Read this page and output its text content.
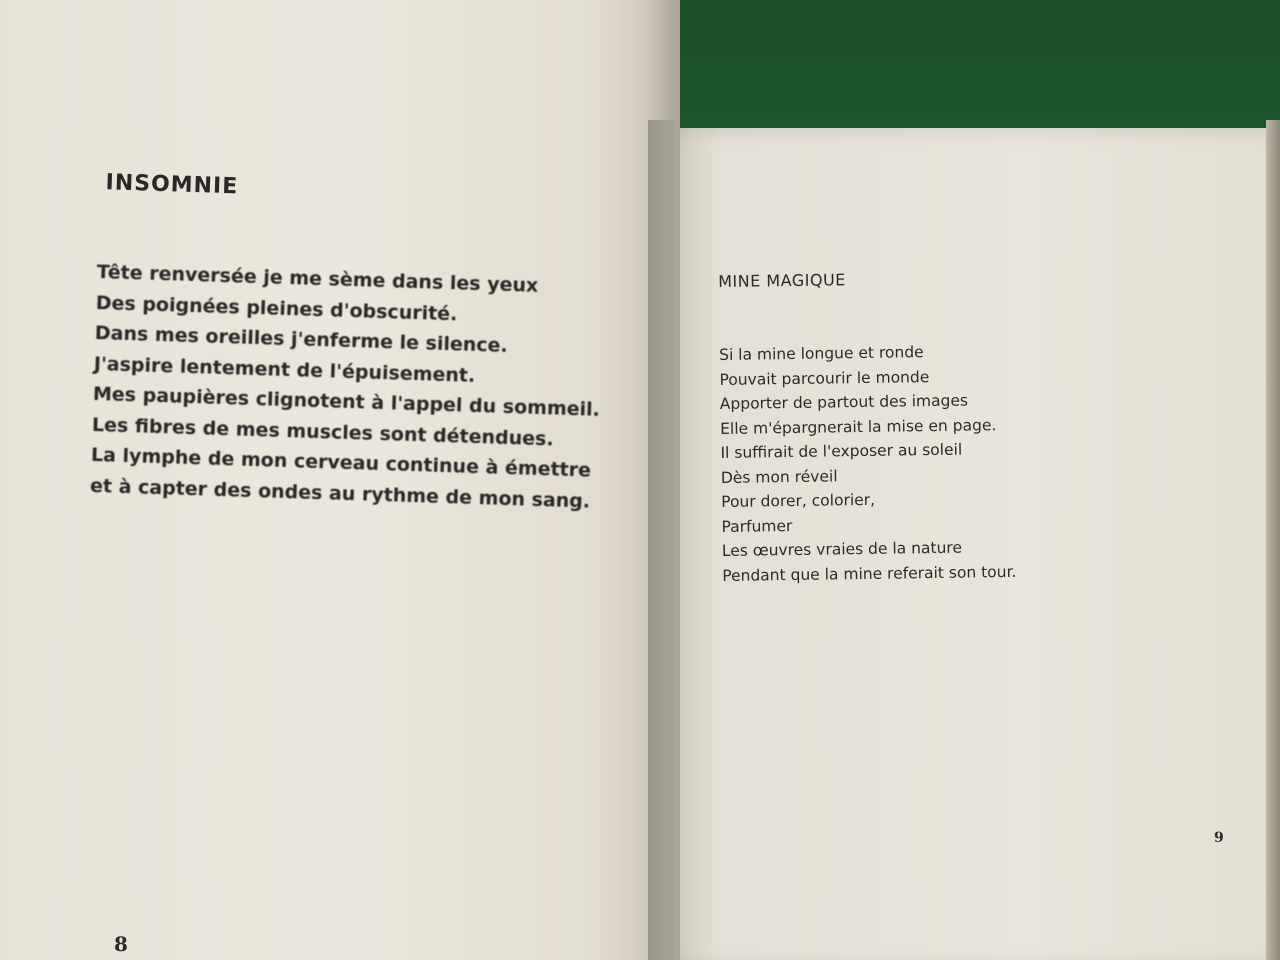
INSOMNIE
Tête renversée je me sème dans les yeux
Des poignées pleines d'obscurité.
Dans mes oreilles j'enferme le silence.
J'aspire lentement de l'épuisement.
Mes paupières clignotent à l'appel du sommeil.
Les fibres de mes muscles sont détendues.
La lymphe de mon cerveau continue à émettre
et à capter des ondes au rythme de mon sang.
MINE MAGIQUE
Si la mine longue et ronde
Pouvait parcourir le monde
Apporter de partout des images
Elle m'épargnerait la mise en page.
Il suffirait de l'exposer au soleil
Dès mon réveil
Pour dorer, colorier,
Parfumer
Les œuvres vraies de la nature
Pendant que la mine referait son tour.
8
9
